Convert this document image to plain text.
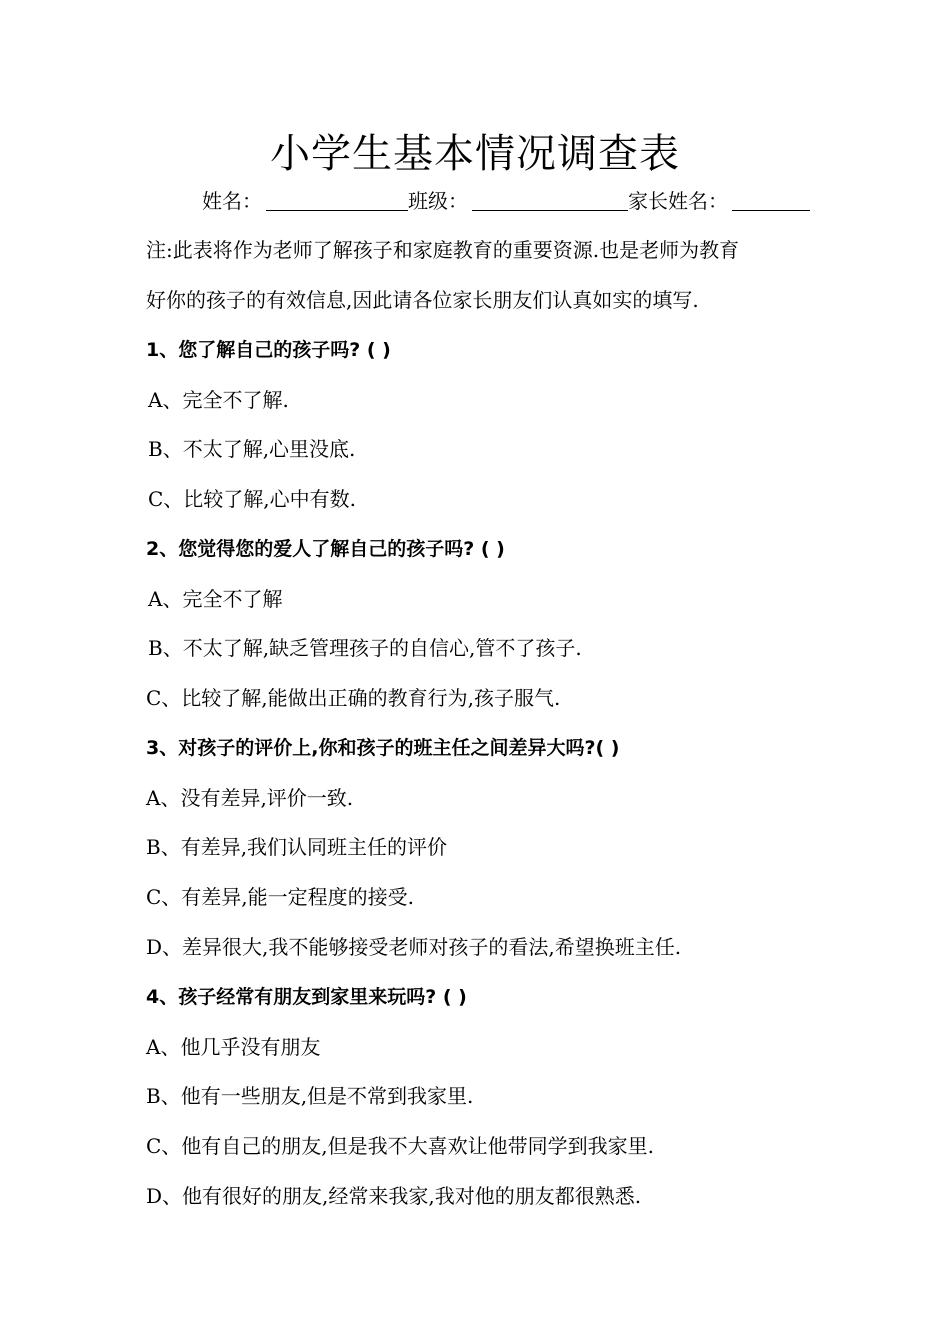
小学生基本情况调查表
姓名：	班级：	家长姓名：
注:此表将作为老师了解孩子和家庭教育的重要资源.也是老师为教育
好你的孩子的有效信息,因此请各位家长朋友们认真如实的填写.
1、您了解自己的孩子吗? ( )
A、完全不了解.
B、不太了解,心里没底.
C、比较了解,心中有数.
2、您觉得您的爱人了解自己的孩子吗? ( )
A、完全不了解
B、不太了解,缺乏管理孩子的自信心,管不了孩子.
C、比较了解,能做出正确的教育行为,孩子服气.
3、对孩子的评价上,你和孩子的班主任之间差异大吗?( )
A、没有差异,评价一致.
B、有差异,我们认同班主任的评价
C、有差异,能一定程度的接受.
D、差异很大,我不能够接受老师对孩子的看法,希望换班主任.
4、孩子经常有朋友到家里来玩吗? ( )
A、他几乎没有朋友
B、他有一些朋友,但是不常到我家里.
C、他有自己的朋友,但是我不大喜欢让他带同学到我家里.
D、他有很好的朋友,经常来我家,我对他的朋友都很熟悉.
